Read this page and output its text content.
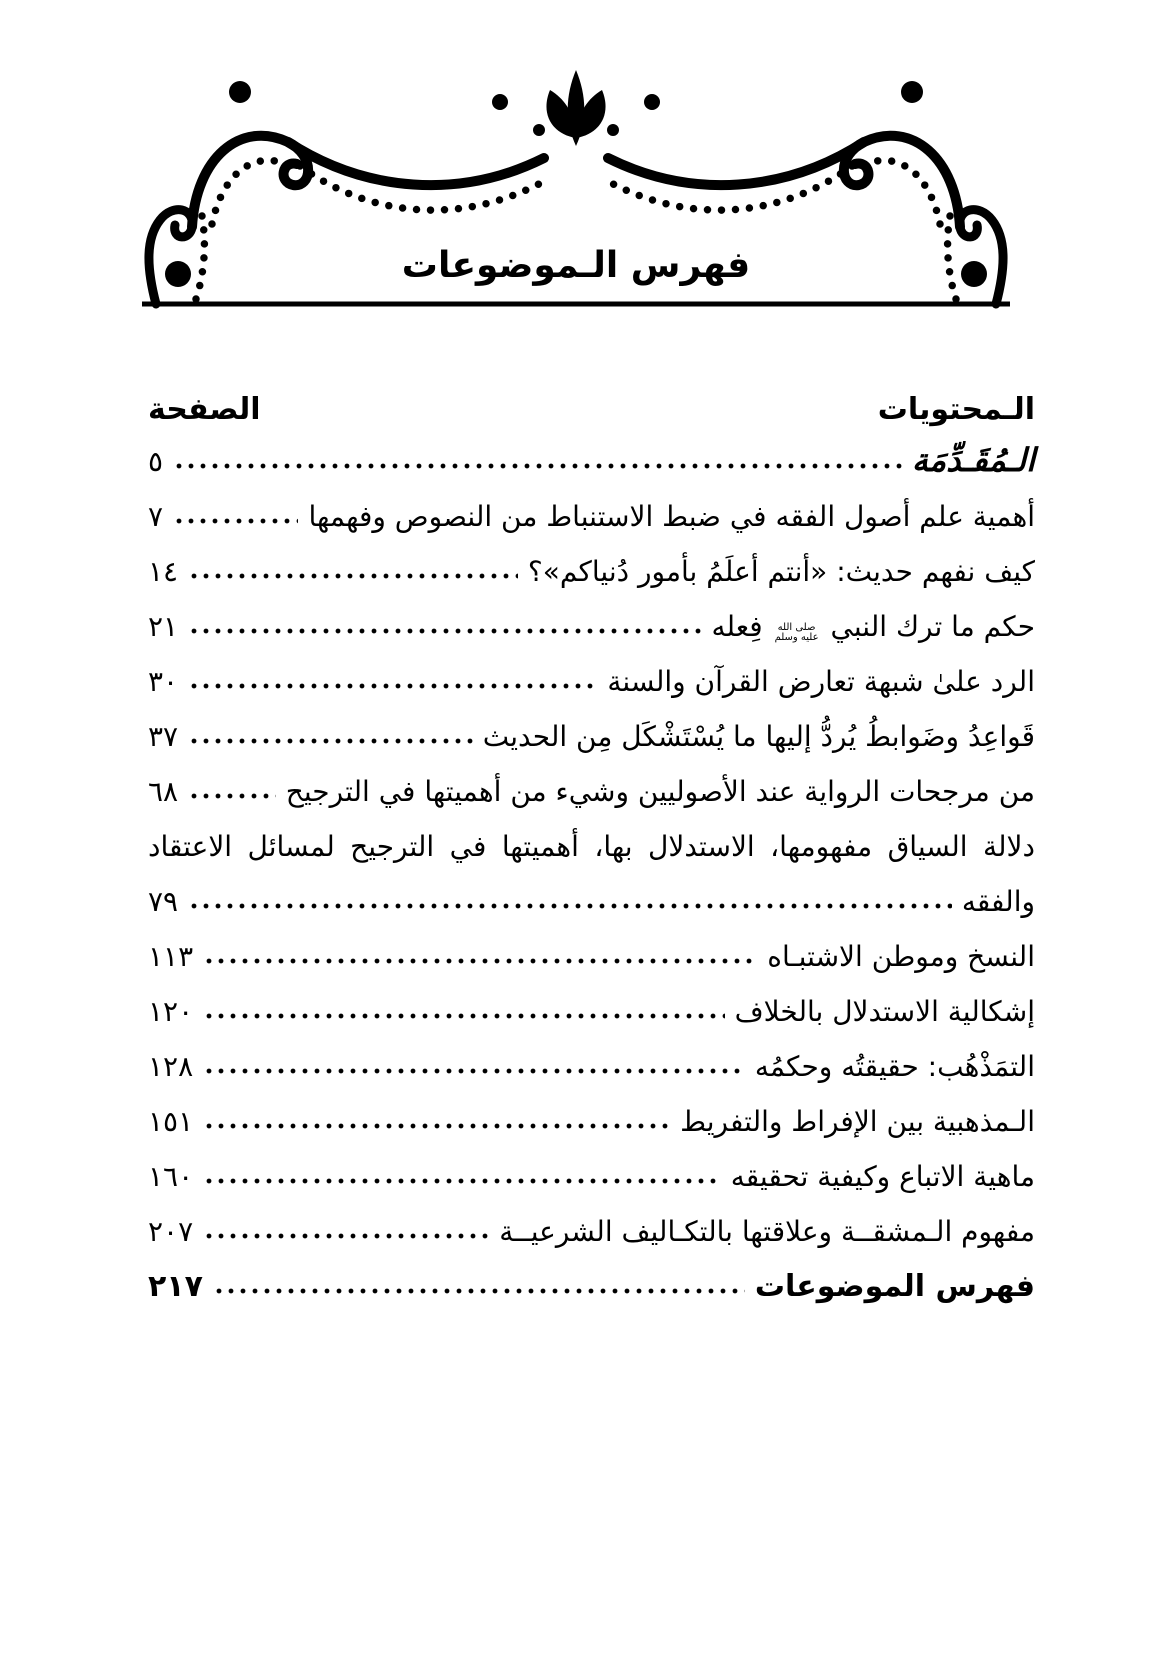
فهرس الـموضوعات
الـمحتويات
الصفحة
الـمُقَـدِّمَة
٥
أهمية علم أصول الفقه في ضبط الاستنباط من النصوص وفهمها
٧
كيف نفهم حديث: «أنتم أعلَمُ بأمور دُنياكم»؟
١٤
حكم ما ترك النبي صلى الله
عليه وسلم فِعله
٢١
الرد علىٰ شبهة تعارض القرآن والسنة
٣٠
قَواعِدُ وضَوابطُ يُردُّ إليها ما يُسْتَشْكَل مِن الحديث
٣٧
من مرجحات الرواية عند الأصوليين وشيء من أهميتها في الترجيح
٦٨
دلالة السياق مفهومها، الاستدلال بها، أهميتها في الترجيح لمسائل الاعتقاد
والفقه
٧٩
النسخ وموطن الاشتبـاه
١١٣
إشكالية الاستدلال بالخلاف
١٢٠
التمَذْهُب: حقيقتُه وحكمُه
١٢٨
الـمذهبية بين الإفراط والتفريط
١٥١
ماهية الاتباع وكيفية تحقيقه
١٦٠
مفهوم الـمشقــة وعلاقتها بالتكـاليف الشرعيــة
٢٠٧
فهرس الموضوعات
٢١٧
